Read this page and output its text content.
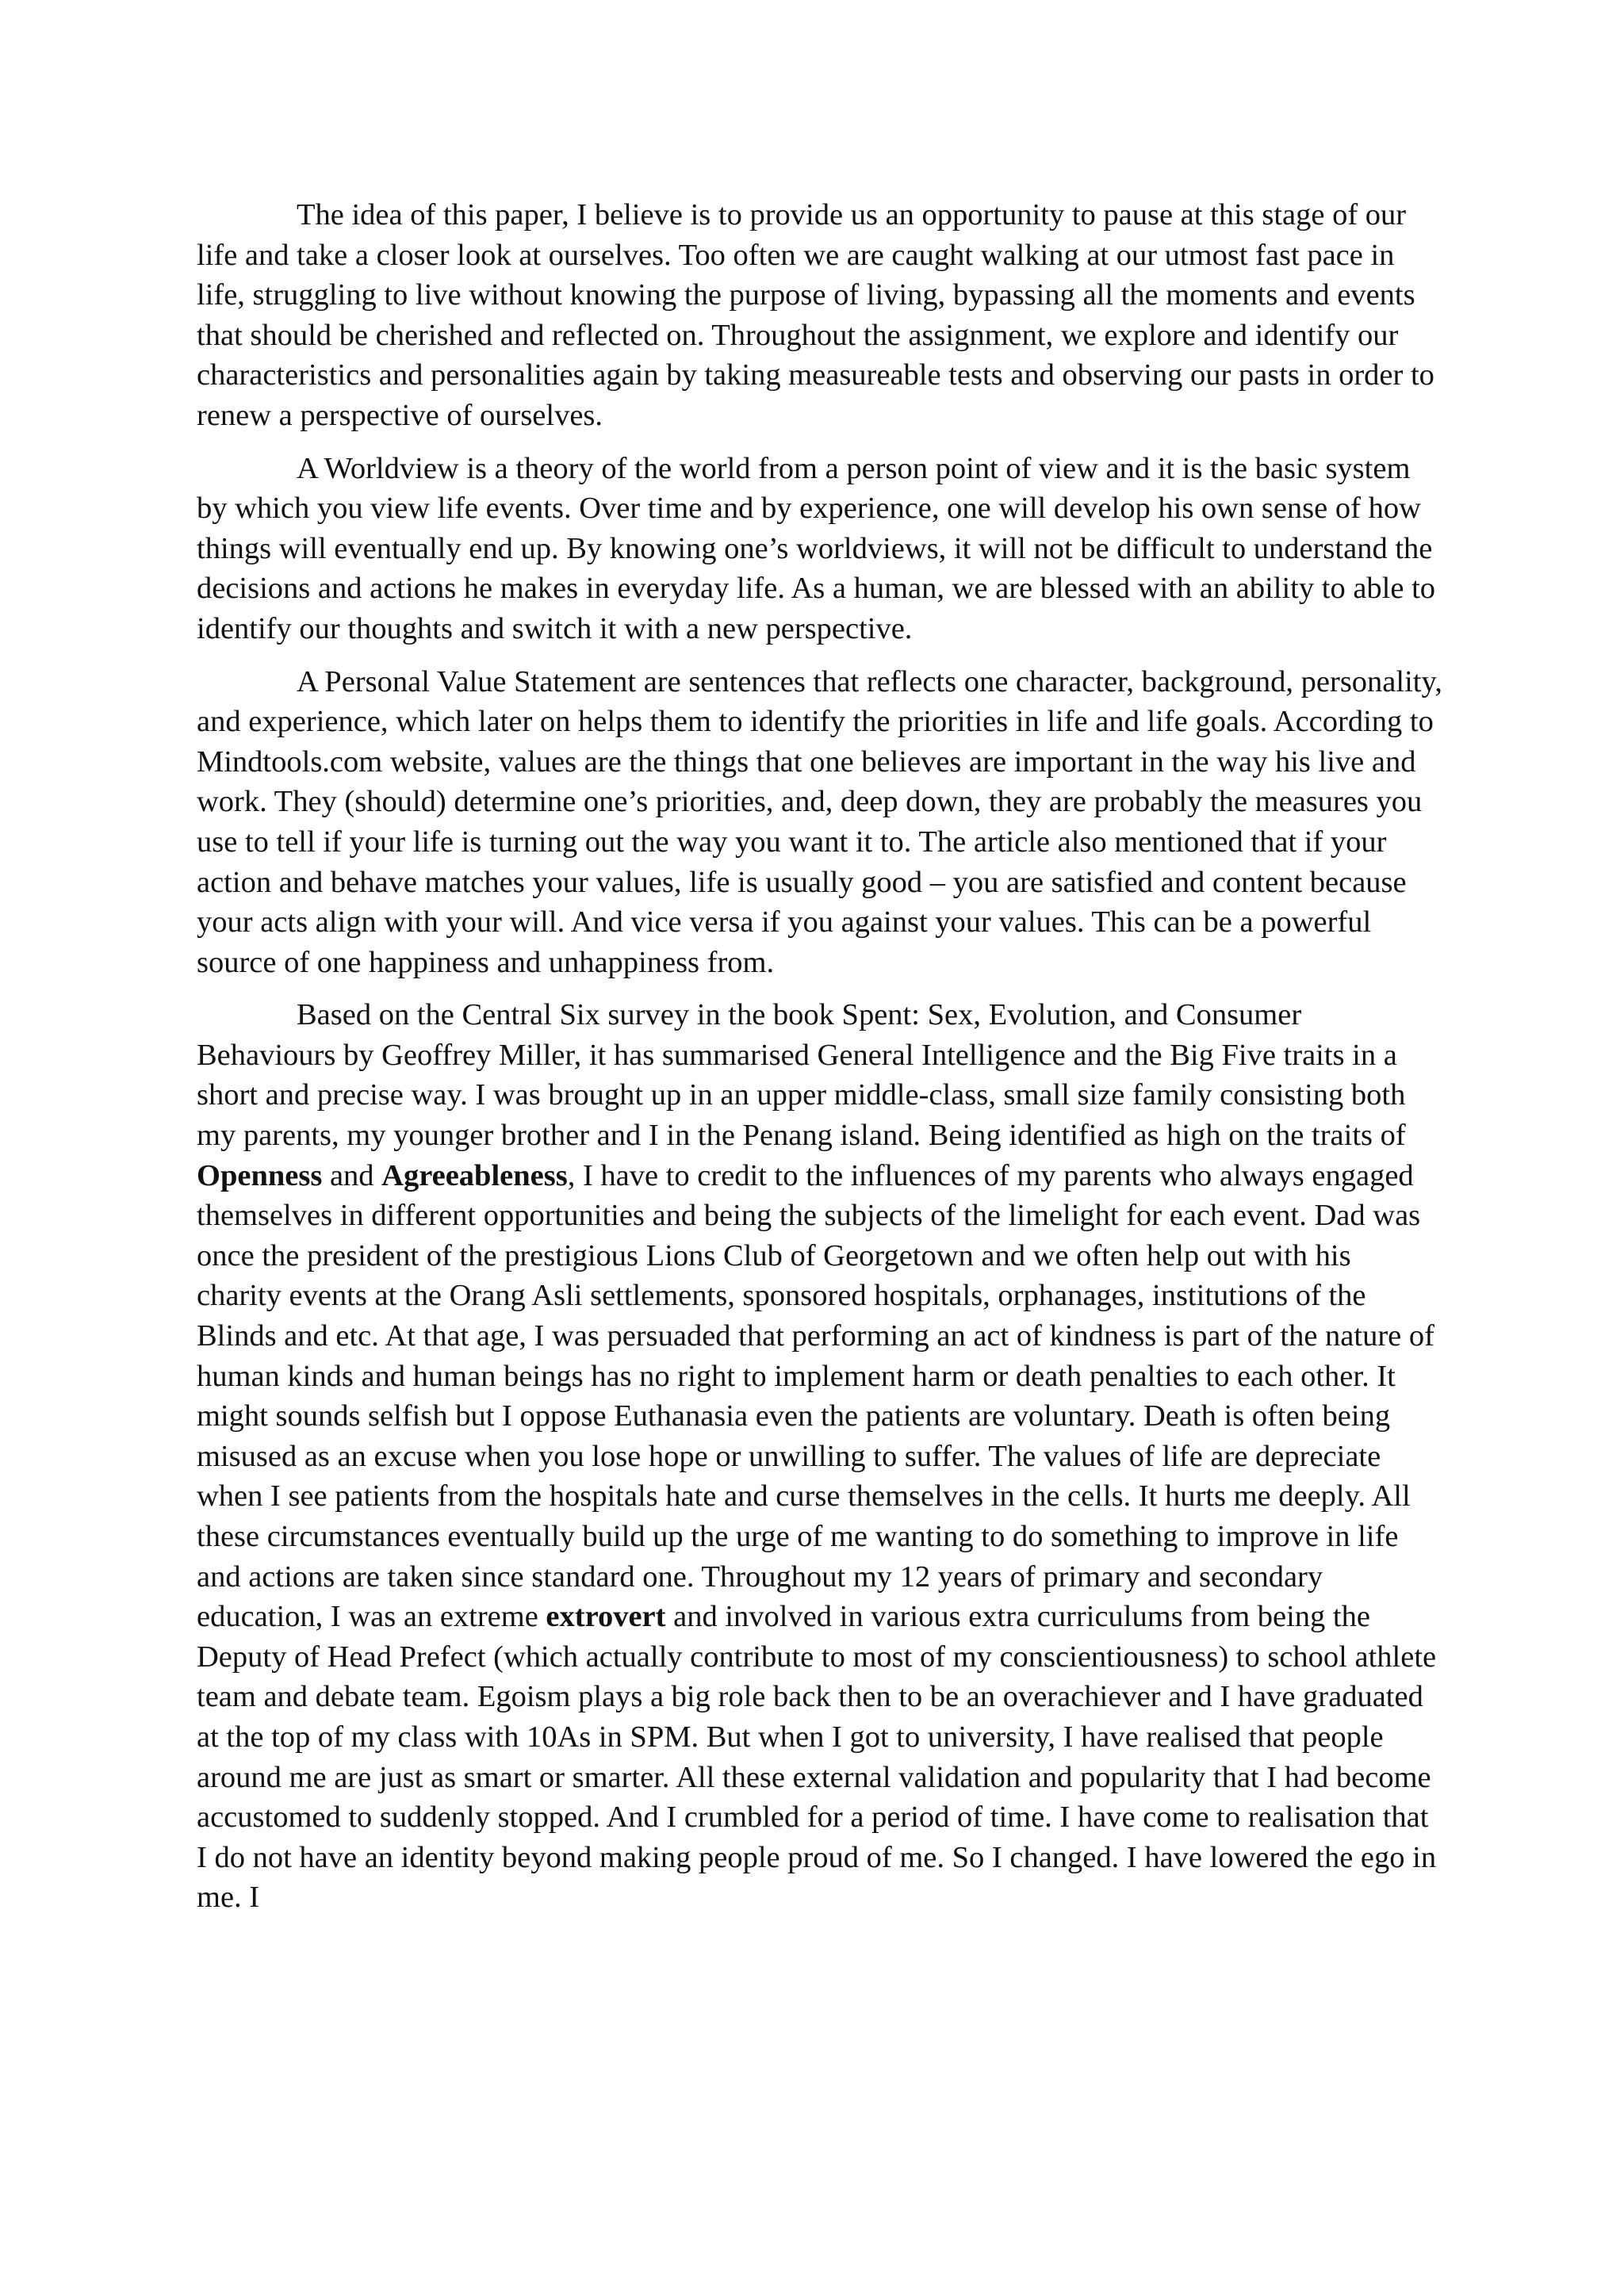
The idea of this paper, I believe is to provide us an opportunity to pause at this stage of our life and take a closer look at ourselves. Too often we are caught walking at our utmost fast pace in life, struggling to live without knowing the purpose of living, bypassing all the moments and events that should be cherished and reflected on. Throughout the assignment, we explore and identify our characteristics and personalities again by taking measureable tests and observing our pasts in order to renew a perspective of ourselves.

A Worldview is a theory of the world from a person point of view and it is the basic system by which you view life events. Over time and by experience, one will develop his own sense of how things will eventually end up. By knowing one’s worldviews, it will not be difficult to understand the decisions and actions he makes in everyday life. As a human, we are blessed with an ability to able to identify our thoughts and switch it with a new perspective.

A Personal Value Statement are sentences that reflects one character, background, personality, and experience, which later on helps them to identify the priorities in life and life goals. According to Mindtools.com website, values are the things that one believes are important in the way his live and work. They (should) determine one’s priorities, and, deep down, they are probably the measures you use to tell if your life is turning out the way you want it to. The article also mentioned that if your action and behave matches your values, life is usually good – you are satisfied and content because your acts align with your will. And vice versa if you against your values. This can be a powerful source of one happiness and unhappiness from.

Based on the Central Six survey in the book Spent: Sex, Evolution, and Consumer Behaviours by Geoffrey Miller, it has summarised General Intelligence and the Big Five traits in a short and precise way. I was brought up in an upper middle-class, small size family consisting both my parents, my younger brother and I in the Penang island. Being identified as high on the traits of Openness and Agreeableness, I have to credit to the influences of my parents who always engaged themselves in different opportunities and being the subjects of the limelight for each event. Dad was once the president of the prestigious Lions Club of Georgetown and we often help out with his charity events at the Orang Asli settlements, sponsored hospitals, orphanages, institutions of the Blinds and etc. At that age, I was persuaded that performing an act of kindness is part of the nature of human kinds and human beings has no right to implement harm or death penalties to each other. It might sounds selfish but I oppose Euthanasia even the patients are voluntary. Death is often being misused as an excuse when you lose hope or unwilling to suffer. The values of life are depreciate when I see patients from the hospitals hate and curse themselves in the cells. It hurts me deeply. All these circumstances eventually build up the urge of me wanting to do something to improve in life and actions are taken since standard one. Throughout my 12 years of primary and secondary education, I was an extreme extrovert and involved in various extra curriculums from being the Deputy of Head Prefect (which actually contribute to most of my conscientiousness) to school athlete team and debate team. Egoism plays a big role back then to be an overachiever and I have graduated at the top of my class with 10As in SPM. But when I got to university, I have realised that people around me are just as smart or smarter. All these external validation and popularity that I had become accustomed to suddenly stopped. And I crumbled for a period of time. I have come to realisation that I do not have an identity beyond making people proud of me. So I changed. I have lowered the ego in me. I
